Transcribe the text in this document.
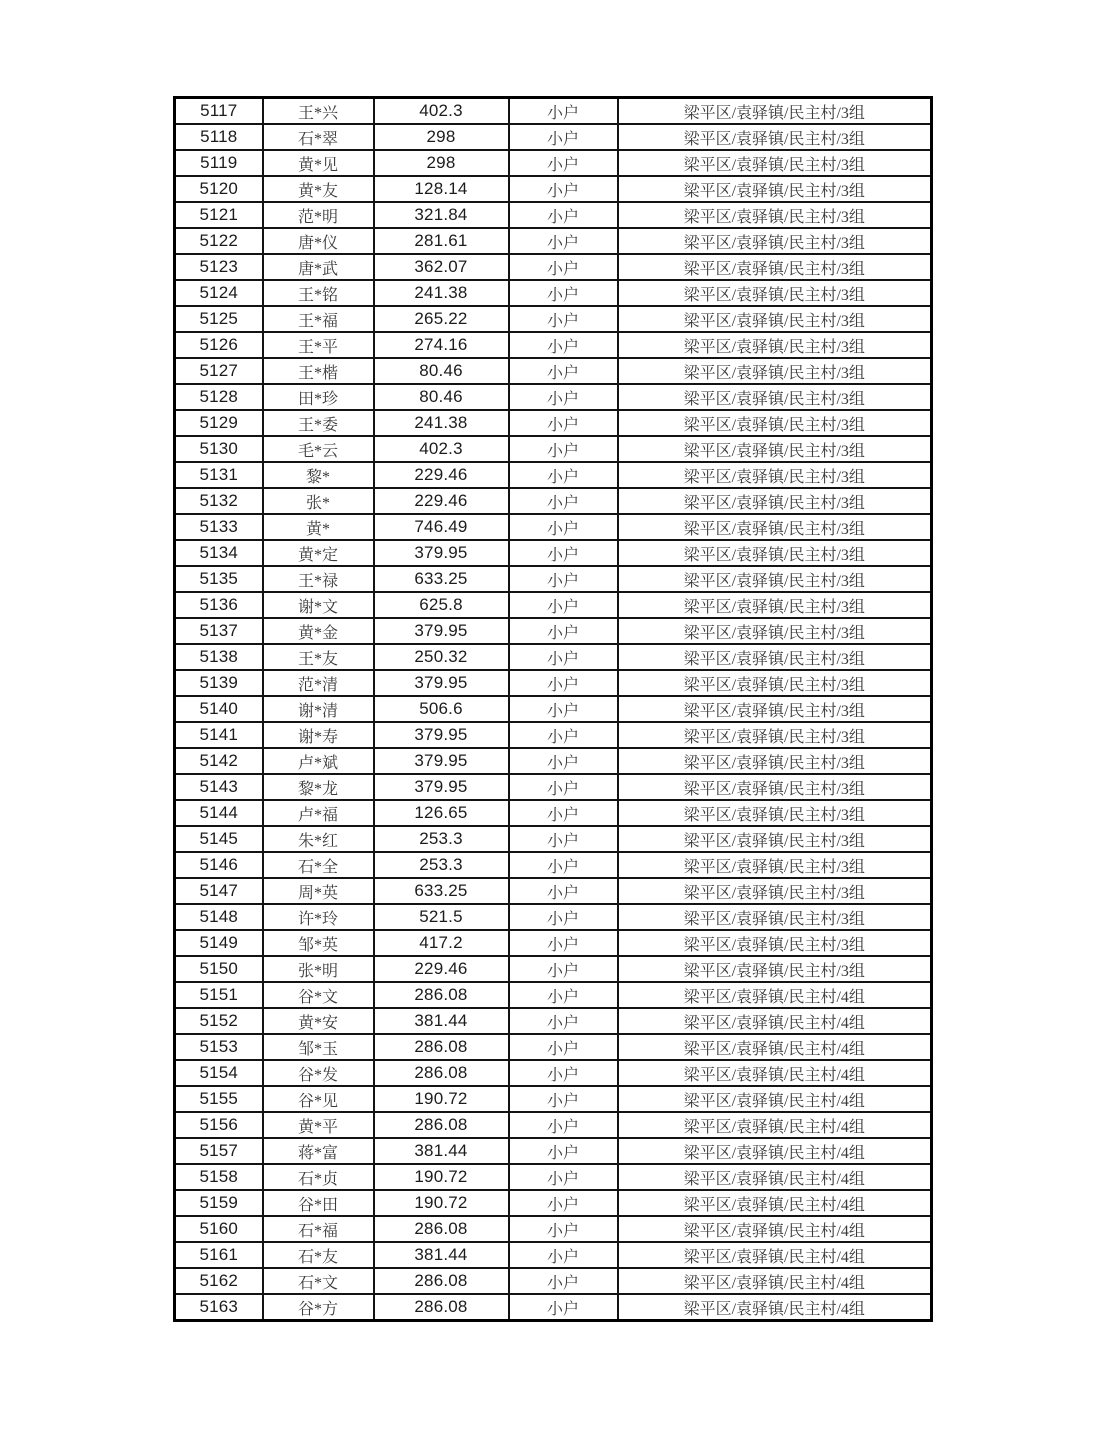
5117	王*兴	402.3	小户	梁平区/袁驿镇/民主村/3组
5118	石*翠	298	小户	梁平区/袁驿镇/民主村/3组
5119	黄*见	298	小户	梁平区/袁驿镇/民主村/3组
5120	黄*友	128.14	小户	梁平区/袁驿镇/民主村/3组
5121	范*明	321.84	小户	梁平区/袁驿镇/民主村/3组
5122	唐*仪	281.61	小户	梁平区/袁驿镇/民主村/3组
5123	唐*武	362.07	小户	梁平区/袁驿镇/民主村/3组
5124	王*铭	241.38	小户	梁平区/袁驿镇/民主村/3组
5125	王*福	265.22	小户	梁平区/袁驿镇/民主村/3组
5126	王*平	274.16	小户	梁平区/袁驿镇/民主村/3组
5127	王*楷	80.46	小户	梁平区/袁驿镇/民主村/3组
5128	田*珍	80.46	小户	梁平区/袁驿镇/民主村/3组
5129	王*委	241.38	小户	梁平区/袁驿镇/民主村/3组
5130	毛*云	402.3	小户	梁平区/袁驿镇/民主村/3组
5131	黎*	229.46	小户	梁平区/袁驿镇/民主村/3组
5132	张*	229.46	小户	梁平区/袁驿镇/民主村/3组
5133	黄*	746.49	小户	梁平区/袁驿镇/民主村/3组
5134	黄*定	379.95	小户	梁平区/袁驿镇/民主村/3组
5135	王*禄	633.25	小户	梁平区/袁驿镇/民主村/3组
5136	谢*文	625.8	小户	梁平区/袁驿镇/民主村/3组
5137	黄*金	379.95	小户	梁平区/袁驿镇/民主村/3组
5138	王*友	250.32	小户	梁平区/袁驿镇/民主村/3组
5139	范*清	379.95	小户	梁平区/袁驿镇/民主村/3组
5140	谢*清	506.6	小户	梁平区/袁驿镇/民主村/3组
5141	谢*寿	379.95	小户	梁平区/袁驿镇/民主村/3组
5142	卢*斌	379.95	小户	梁平区/袁驿镇/民主村/3组
5143	黎*龙	379.95	小户	梁平区/袁驿镇/民主村/3组
5144	卢*福	126.65	小户	梁平区/袁驿镇/民主村/3组
5145	朱*红	253.3	小户	梁平区/袁驿镇/民主村/3组
5146	石*全	253.3	小户	梁平区/袁驿镇/民主村/3组
5147	周*英	633.25	小户	梁平区/袁驿镇/民主村/3组
5148	许*玲	521.5	小户	梁平区/袁驿镇/民主村/3组
5149	邹*英	417.2	小户	梁平区/袁驿镇/民主村/3组
5150	张*明	229.46	小户	梁平区/袁驿镇/民主村/3组
5151	谷*文	286.08	小户	梁平区/袁驿镇/民主村/4组
5152	黄*安	381.44	小户	梁平区/袁驿镇/民主村/4组
5153	邹*玉	286.08	小户	梁平区/袁驿镇/民主村/4组
5154	谷*发	286.08	小户	梁平区/袁驿镇/民主村/4组
5155	谷*见	190.72	小户	梁平区/袁驿镇/民主村/4组
5156	黄*平	286.08	小户	梁平区/袁驿镇/民主村/4组
5157	蒋*富	381.44	小户	梁平区/袁驿镇/民主村/4组
5158	石*贞	190.72	小户	梁平区/袁驿镇/民主村/4组
5159	谷*田	190.72	小户	梁平区/袁驿镇/民主村/4组
5160	石*福	286.08	小户	梁平区/袁驿镇/民主村/4组
5161	石*友	381.44	小户	梁平区/袁驿镇/民主村/4组
5162	石*文	286.08	小户	梁平区/袁驿镇/民主村/4组
5163	谷*方	286.08	小户	梁平区/袁驿镇/民主村/4组
